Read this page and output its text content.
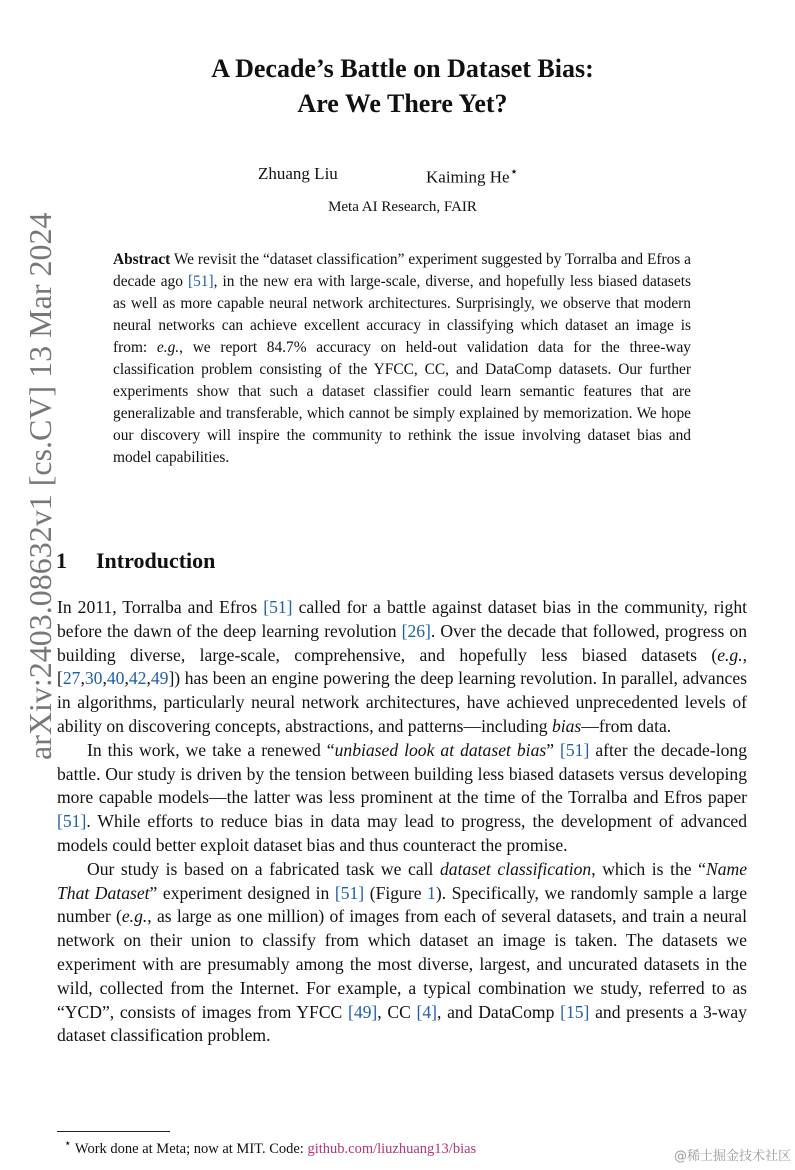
arXiv:2403.08632v1 [cs.CV] 13 Mar 2024
A Decade’s Battle on Dataset Bias:
Are We There Yet?
Zhuang Liu	Kaiming He⋆
Meta AI Research, FAIR
Abstract We revisit the “dataset classification” experiment suggested by Torralba and Efros a decade ago [51], in the new era with large-scale, diverse, and hopefully less biased datasets as well as more capable neural network architectures. Surprisingly, we observe that modern neural networks can achieve excellent accuracy in classifying which dataset an image is from: e.g., we report 84.7% accuracy on held-out validation data for the three-way classification problem consisting of the YFCC, CC, and DataComp datasets. Our further experiments show that such a dataset classifier could learn semantic features that are generalizable and transferable, which cannot be simply explained by memorization. We hope our discovery will inspire the community to rethink the issue involving dataset bias and model capabilities.
1 Introduction

In 2011, Torralba and Efros [51] called for a battle against dataset bias in the community, right before the dawn of the deep learning revolution [26]. Over the decade that followed, progress on building diverse, large-scale, comprehensive, and hopefully less biased datasets (e.g., [27,30,40,42,49]) has been an engine powering the deep learning revolution. In parallel, advances in algorithms, particularly neural network architectures, have achieved unprecedented levels of ability on discovering concepts, abstractions, and patterns—including bias—from data.

In this work, we take a renewed “unbiased look at dataset bias” [51] after the decade-long battle. Our study is driven by the tension between building less biased datasets versus developing more capable models—the latter was less prominent at the time of the Torralba and Efros paper [51]. While efforts to reduce bias in data may lead to progress, the development of advanced models could better exploit dataset bias and thus counteract the promise.

Our study is based on a fabricated task we call dataset classification, which is the “Name That Dataset” experiment designed in [51] (Figure 1). Specifically, we randomly sample a large number (e.g., as large as one million) of images from each of several datasets, and train a neural network on their union to classify from which dataset an image is taken. The datasets we experiment with are presumably among the most diverse, largest, and uncurated datasets in the wild, collected from the Internet. For example, a typical combination we study, referred to as “YCD”, consists of images from YFCC [49], CC [4], and DataComp [15] and presents a 3-way dataset classification problem.

⋆ Work done at Meta; now at MIT. Code: github.com/liuzhuang13/bias	@稀土掘金技术社区
